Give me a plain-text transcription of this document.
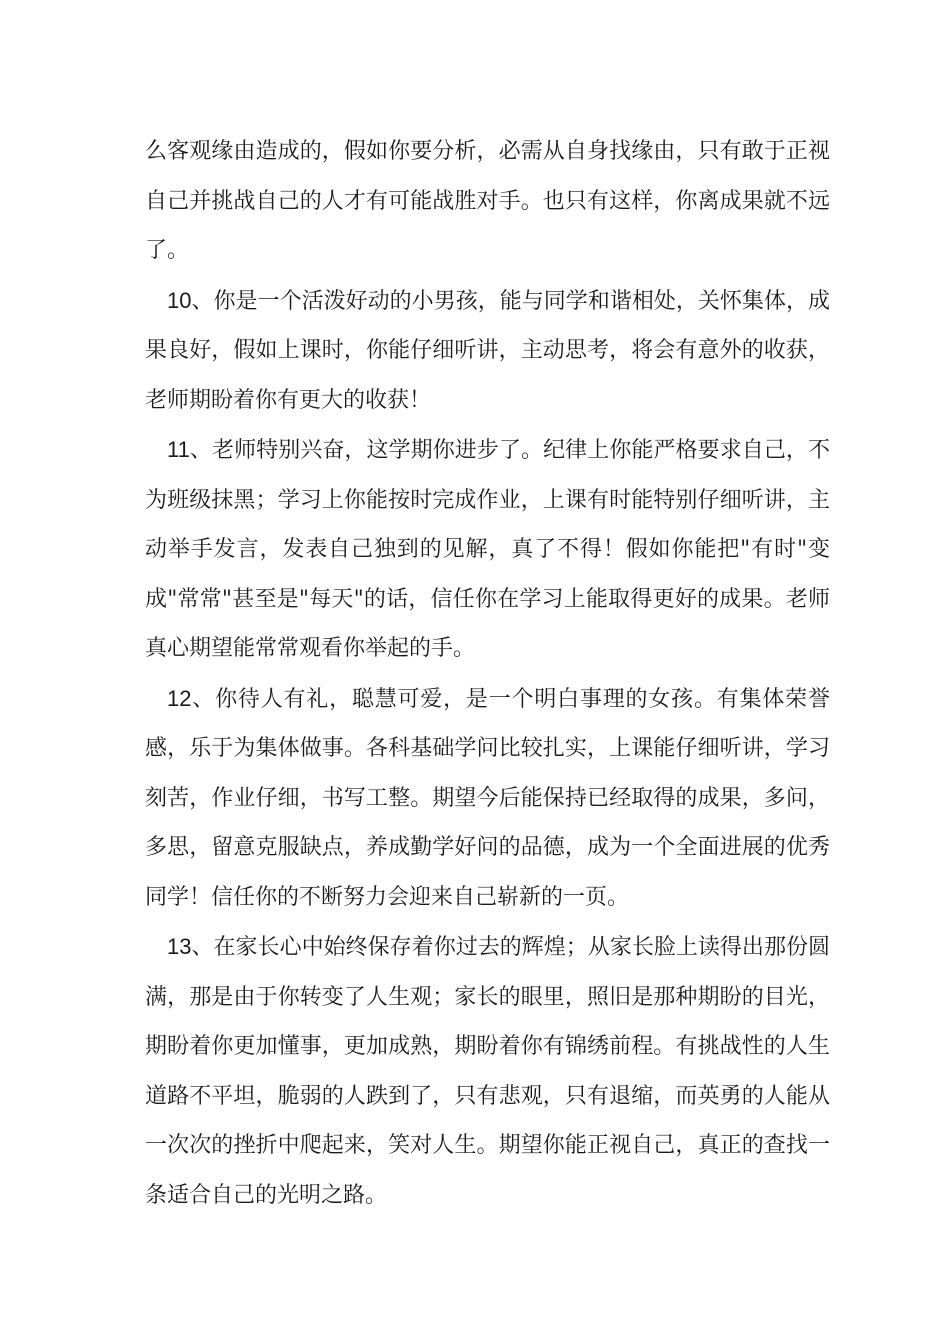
么客观缘由造成的，假如你要分析，必需从自身找缘由，只有敢于正视自己并挑战自己的人才有可能战胜对手。也只有这样，你离成果就不远了。

10、你是一个活泼好动的小男孩，能与同学和谐相处，关怀集体，成果良好，假如上课时，你能仔细听讲，主动思考，将会有意外的收获，老师期盼着你有更大的收获！

11、老师特别兴奋，这学期你进步了。纪律上你能严格要求自己，不为班级抹黑；学习上你能按时完成作业，上课有时能特别仔细听讲，主动举手发言，发表自己独到的见解，真了不得！假如你能把"有时"变成"常常"甚至是"每天"的话，信任你在学习上能取得更好的成果。老师真心期望能常常观看你举起的手。

12、你待人有礼，聪慧可爱，是一个明白事理的女孩。有集体荣誉感，乐于为集体做事。各科基础学问比较扎实，上课能仔细听讲，学习刻苦，作业仔细，书写工整。期望今后能保持已经取得的成果，多问，多思，留意克服缺点，养成勤学好问的品德，成为一个全面进展的优秀同学！信任你的不断努力会迎来自己崭新的一页。

13、在家长心中始终保存着你过去的辉煌；从家长脸上读得出那份圆满，那是由于你转变了人生观；家长的眼里，照旧是那种期盼的目光，期盼着你更加懂事，更加成熟，期盼着你有锦绣前程。有挑战性的人生道路不平坦，脆弱的人跌到了，只有悲观，只有退缩，而英勇的人能从一次次的挫折中爬起来，笑对人生。期望你能正视自己，真正的查找一条适合自己的光明之路。
